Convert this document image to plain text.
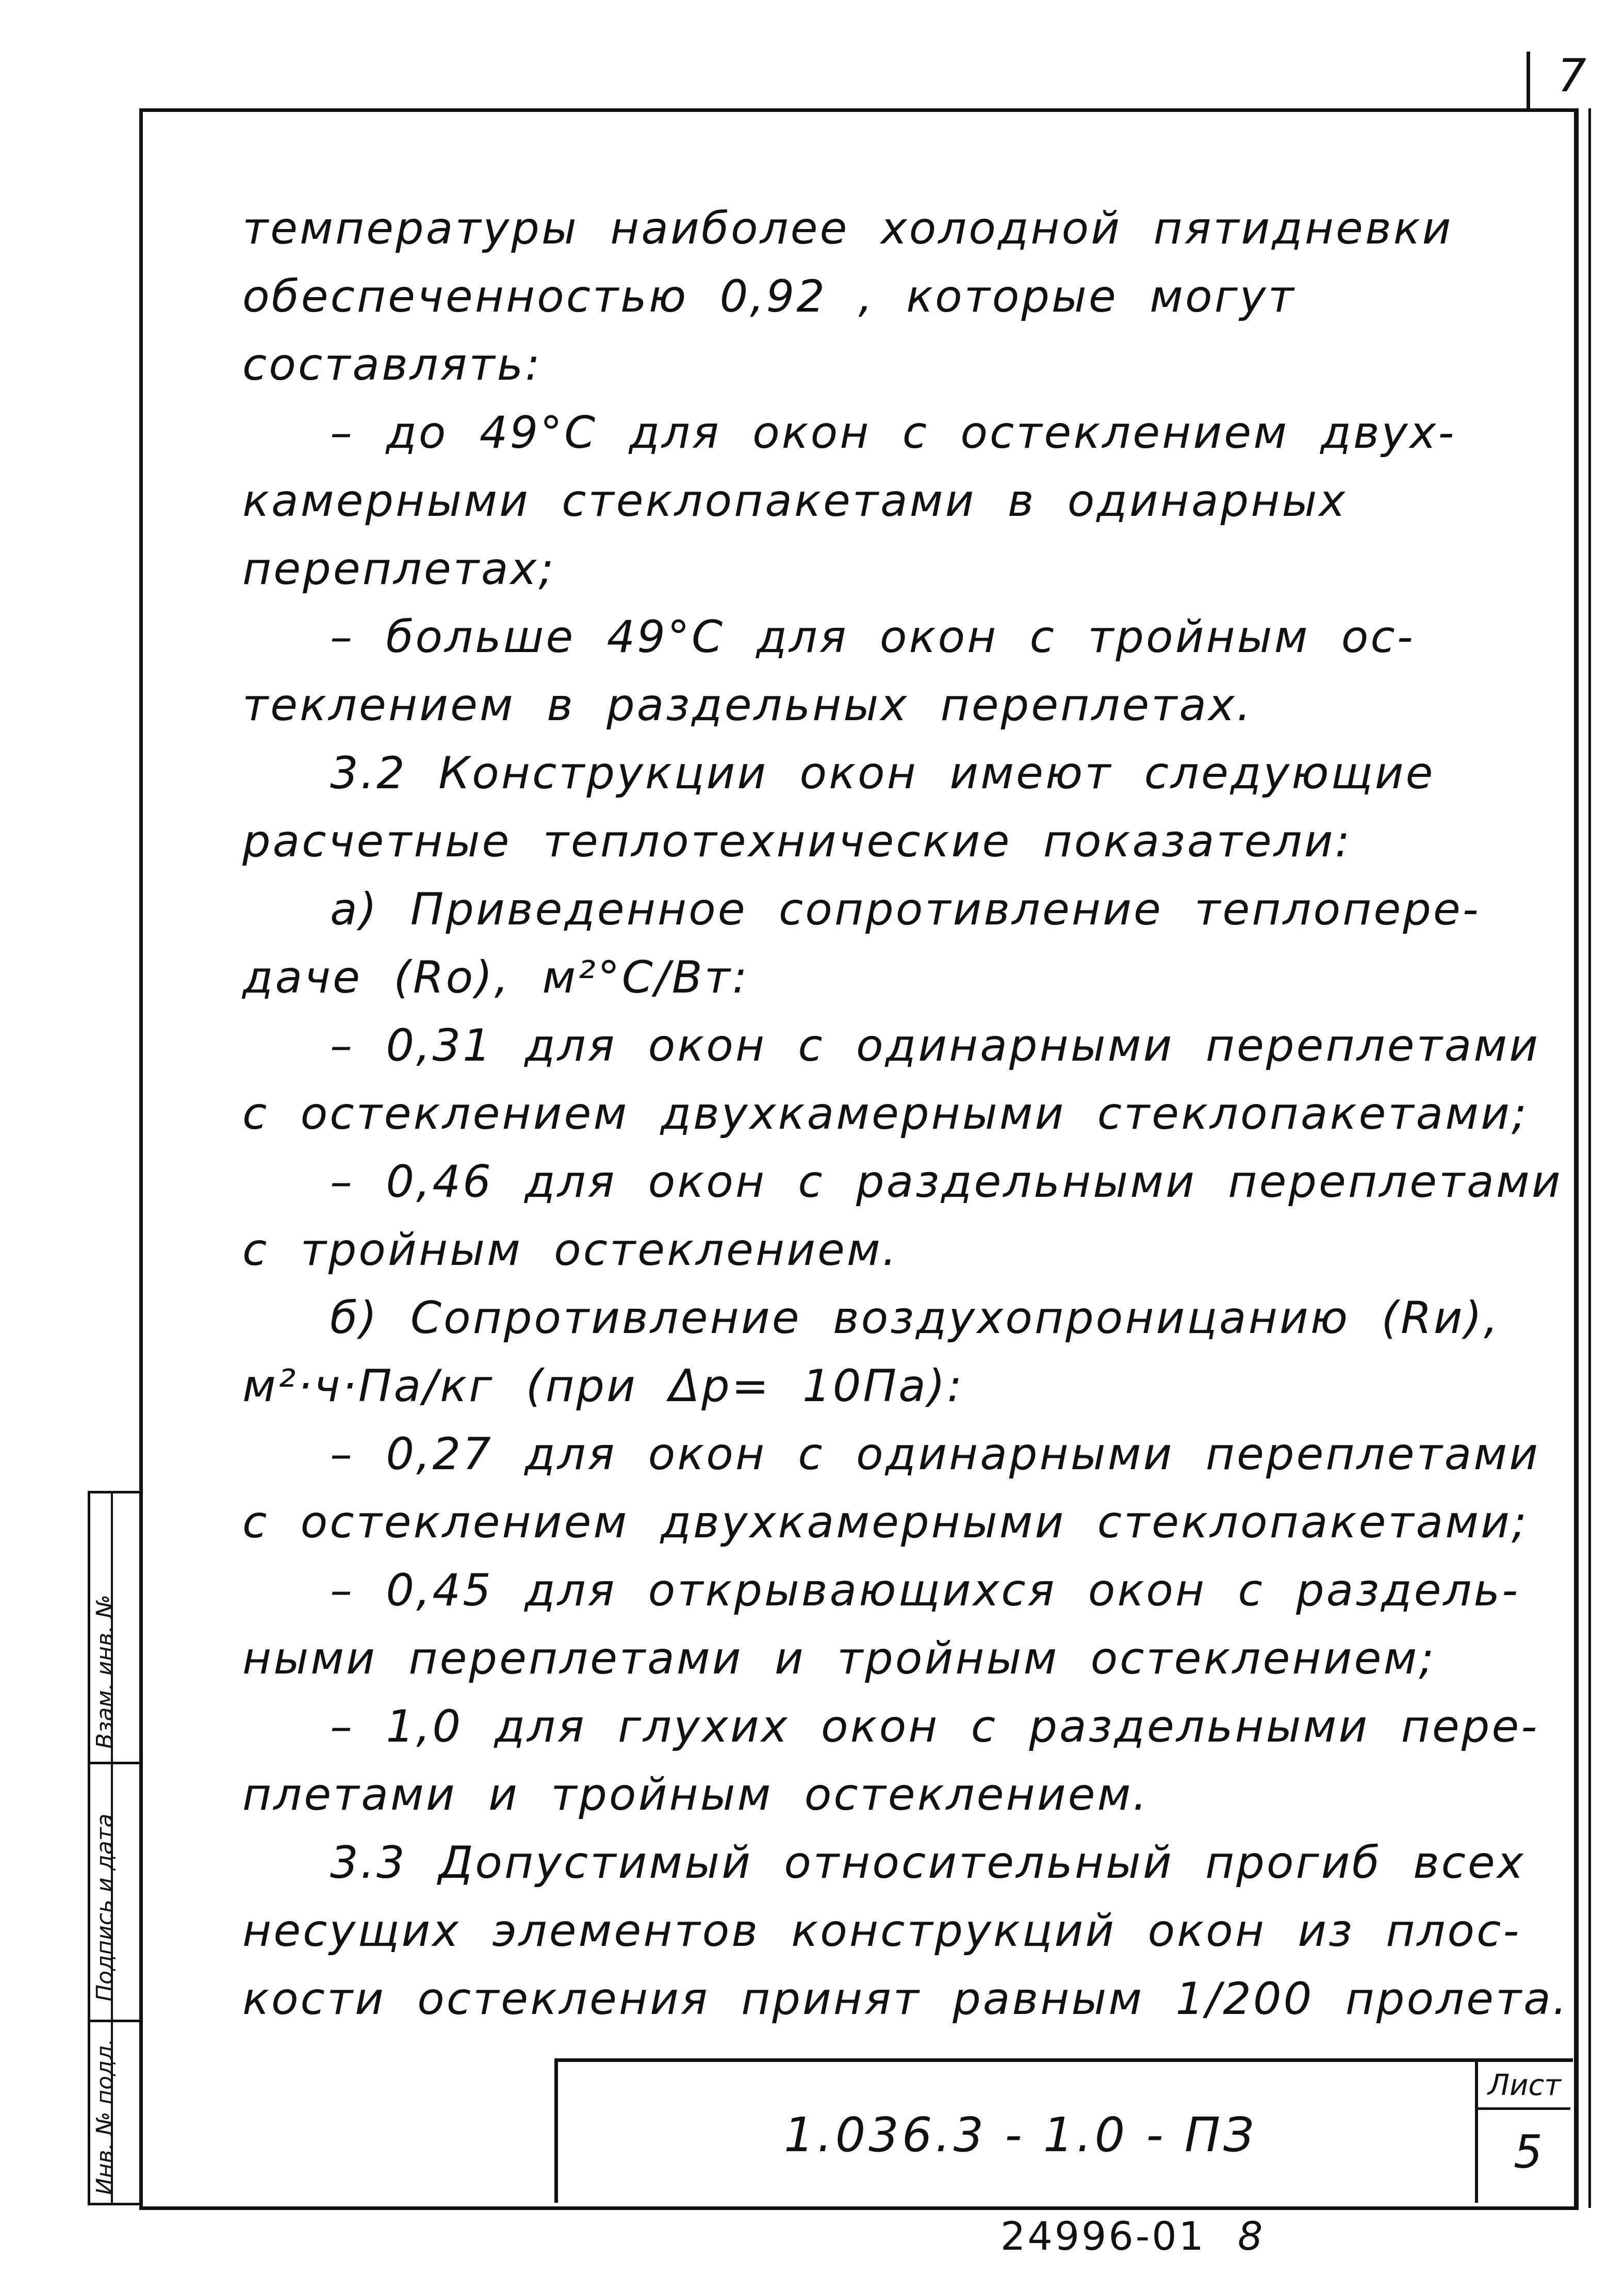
7
температуры наиболее холодной пятидневки
обеспеченностью 0,92 , которые могут
составлять:
– до 49°С для окон с остеклением двух-
камерными стеклопакетами в одинарных
переплетах;
– больше 49°С для окон с тройным ос-
теклением в раздельных переплетах.
3.2 Конструкции окон имеют следующие
расчетные теплотехнические показатели:
а) Приведенное сопротивление теплопере-
даче (Rо), м²°С/Вт:
– 0,31 для окон с одинарными переплетами
с остеклением двухкамерными стеклопакетами;
– 0,46 для окон с раздельными переплетами
с тройным остеклением.
б) Сопротивление воздухопроницанию (Rи),
м²·ч·Па/кг (при Δр= 10Па):
– 0,27 для окон с одинарными переплетами
с остеклением двухкамерными стеклопакетами;
– 0,45 для открывающихся окон с раздель-
ными переплетами и тройным остеклением;
– 1,0 для глухих окон с раздельными пере-
плетами и тройным остеклением.
3.3 Допустимый относительный прогиб всех
несущих элементов конструкций окон из плос-
кости остекления принят равным 1/200 пролета.
1.036.3 - 1.0 - ПЗ
Лист
5
Взам. инв. №
Подпись и дата
Инв. № подл.
24996-01 8
